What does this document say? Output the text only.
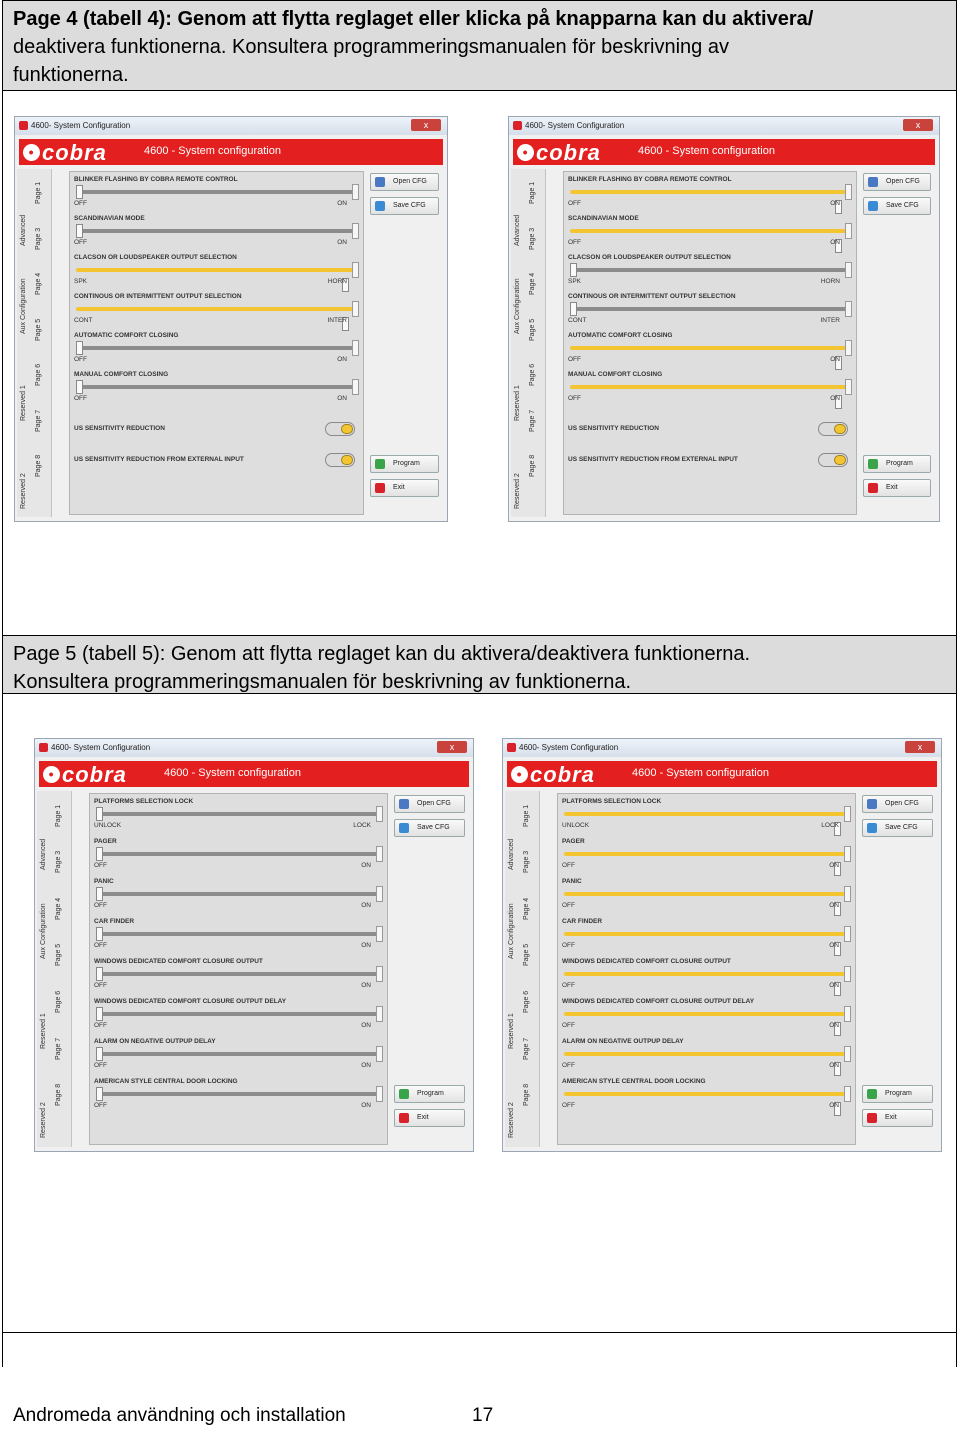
Page 4 (tabell 4): Genom att flytta reglaget eller klicka på knapparna kan du aktivera/
deaktivera funktionerna. Konsultera programmeringsmanualen för beskrivning av
funktionerna.
4600- System Configuration	x
• cobra	4600 - System configuration
Advanced
Aux Configuration
Reserved 1
Reserved 2
Page 1
Page 3
Page 4
Page 5
Page 6
Page 7
Page 8
BLINKER FLASHING BY COBRA REMOTE CONTROL
OFF	ON
SCANDINAVIAN MODE
OFF	ON
CLACSON OR LOUDSPEAKER OUTPUT SELECTION
SPK	HORN
CONTINOUS OR INTERMITTENT OUTPUT SELECTION
CONT	INTER
AUTOMATIC COMFORT CLOSING
OFF	ON
MANUAL COMFORT CLOSING
OFF	ON
US SENSITIVITY REDUCTION
US SENSITIVITY REDUCTION FROM EXTERNAL INPUT
Open CFG
Save CFG
Program
Exit
4600- System Configuration	x
• cobra	4600 - System configuration
Advanced
Aux Configuration
Reserved 1
Reserved 2
Page 1
Page 3
Page 4
Page 5
Page 6
Page 7
Page 8
BLINKER FLASHING BY COBRA REMOTE CONTROL
OFF	ON
SCANDINAVIAN MODE
OFF	ON
CLACSON OR LOUDSPEAKER OUTPUT SELECTION
SPK	HORN
CONTINOUS OR INTERMITTENT OUTPUT SELECTION
CONT	INTER
AUTOMATIC COMFORT CLOSING
OFF	ON
MANUAL COMFORT CLOSING
OFF	ON
US SENSITIVITY REDUCTION
US SENSITIVITY REDUCTION FROM EXTERNAL INPUT
Open CFG
Save CFG
Program
Exit
Page 5 (tabell 5): Genom att flytta reglaget kan du aktivera/deaktivera funktionerna.
Konsultera programmeringsmanualen för beskrivning av funktionerna.
4600- System Configuration	x
• cobra	4600 - System configuration
Advanced
Aux Configuration
Reserved 1
Reserved 2
Page 1
Page 3
Page 4
Page 5
Page 6
Page 7
Page 8
PLATFORMS SELECTION LOCK
UNLOCK	LOCK
PAGER
OFF	ON
PANIC
OFF	ON
CAR FINDER
OFF	ON
WINDOWS DEDICATED COMFORT CLOSURE OUTPUT
OFF	ON
WINDOWS DEDICATED COMFORT CLOSURE OUTPUT DELAY
OFF	ON
ALARM ON NEGATIVE OUTPUP DELAY
OFF	ON
AMERICAN STYLE CENTRAL DOOR LOCKING
OFF	ON
Open CFG
Save CFG
Program
Exit
4600- System Configuration	x
• cobra	4600 - System configuration
Advanced
Aux Configuration
Reserved 1
Reserved 2
Page 1
Page 3
Page 4
Page 5
Page 6
Page 7
Page 8
PLATFORMS SELECTION LOCK
UNLOCK	LOCK
PAGER
OFF	ON
PANIC
OFF	ON
CAR FINDER
OFF	ON
WINDOWS DEDICATED COMFORT CLOSURE OUTPUT
OFF	ON
WINDOWS DEDICATED COMFORT CLOSURE OUTPUT DELAY
OFF	ON
ALARM ON NEGATIVE OUTPUP DELAY
OFF	ON
AMERICAN STYLE CENTRAL DOOR LOCKING
OFF	ON
Open CFG
Save CFG
Program
Exit
Andromeda användning och installation	17
